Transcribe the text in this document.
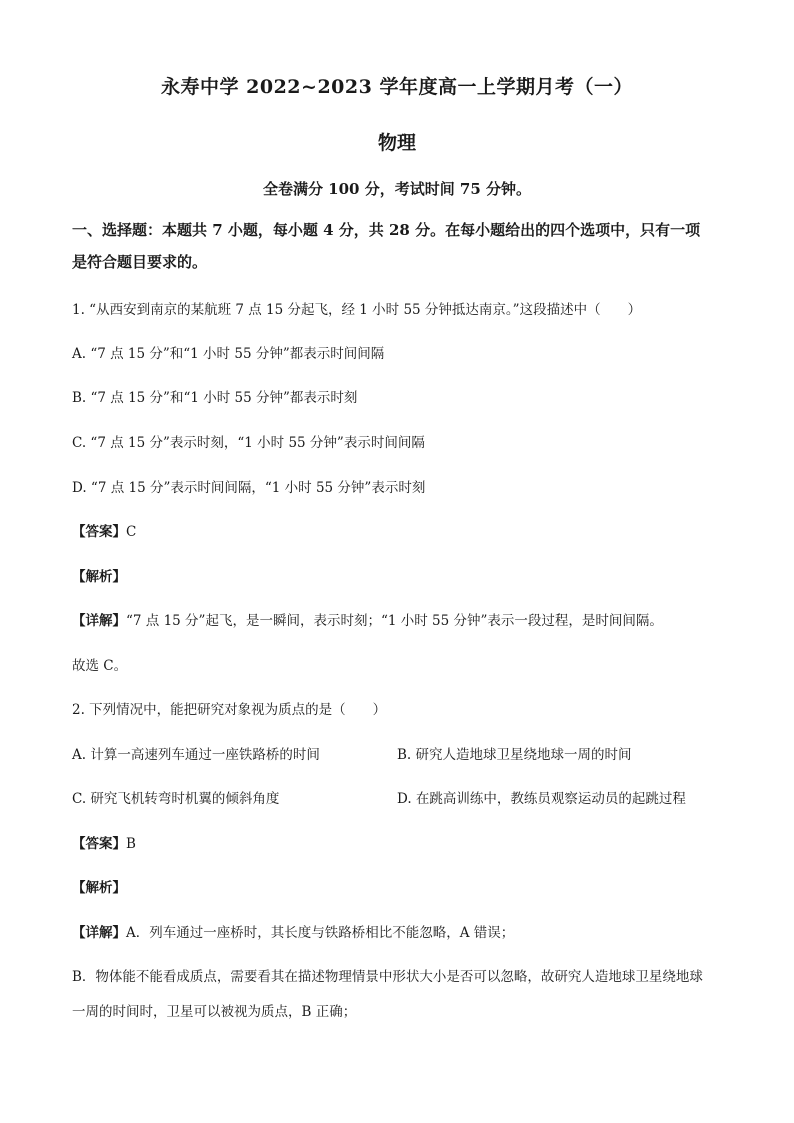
永寿中学 2022~2023 学年度高一上学期月考（一）
物理
全卷满分 100 分，考试时间 75 分钟。
一、选择题：本题共 7 小题，每小题 4 分，共 28 分。在每小题给出的四个选项中，只有一项
是符合题目要求的。
1. “从西安到南京的某航班 7 点 15 分起飞，经 1 小时 55 分钟抵达南京。”这段描述中（　　）
A. “7 点 15 分”和“1 小时 55 分钟”都表示时间间隔
B. “7 点 15 分”和“1 小时 55 分钟”都表示时刻
C. “7 点 15 分”表示时刻，“1 小时 55 分钟”表示时间间隔
D. “7 点 15 分”表示时间间隔，“1 小时 55 分钟”表示时刻
【答案】C
【解析】
【详解】“7 点 15 分”起飞，是一瞬间，表示时刻；“1 小时 55 分钟”表示一段过程，是时间间隔。
故选 C。
2. 下列情况中，能把研究对象视为质点的是（　　）
A. 计算一高速列车通过一座铁路桥的时间	B. 研究人造地球卫星绕地球一周的时间
C. 研究飞机转弯时机翼的倾斜角度	D. 在跳高训练中，教练员观察运动员的起跳过程
【答案】B
【解析】
【详解】A．列车通过一座桥时，其长度与铁路桥相比不能忽略，A 错误；
B．物体能不能看成质点，需要看其在描述物理情景中形状大小是否可以忽略，故研究人造地球卫星绕地球
一周的时间时，卫星可以被视为质点，B 正确；
